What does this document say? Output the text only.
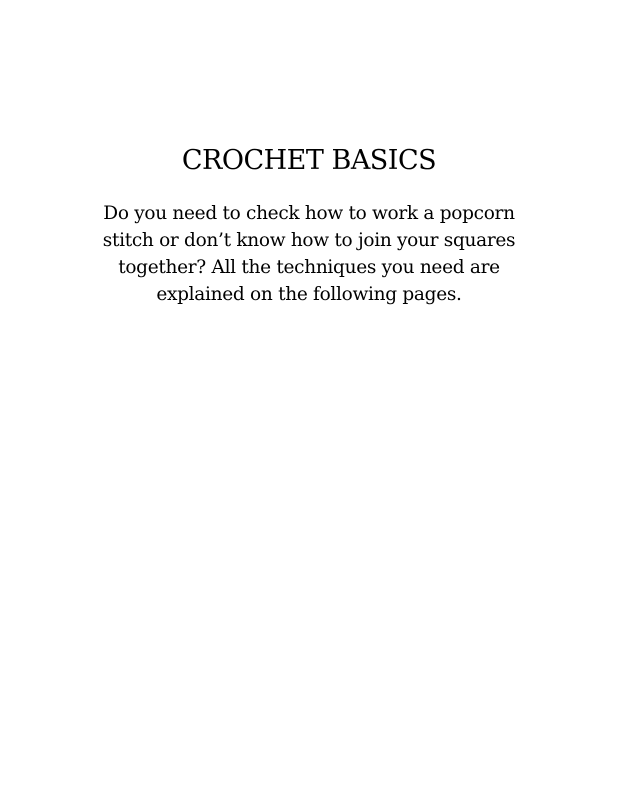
CROCHET BASICS

Do you need to check how to work a popcorn
stitch or don’t know how to join your squares
together? All the techniques you need are
explained on the following pages.
